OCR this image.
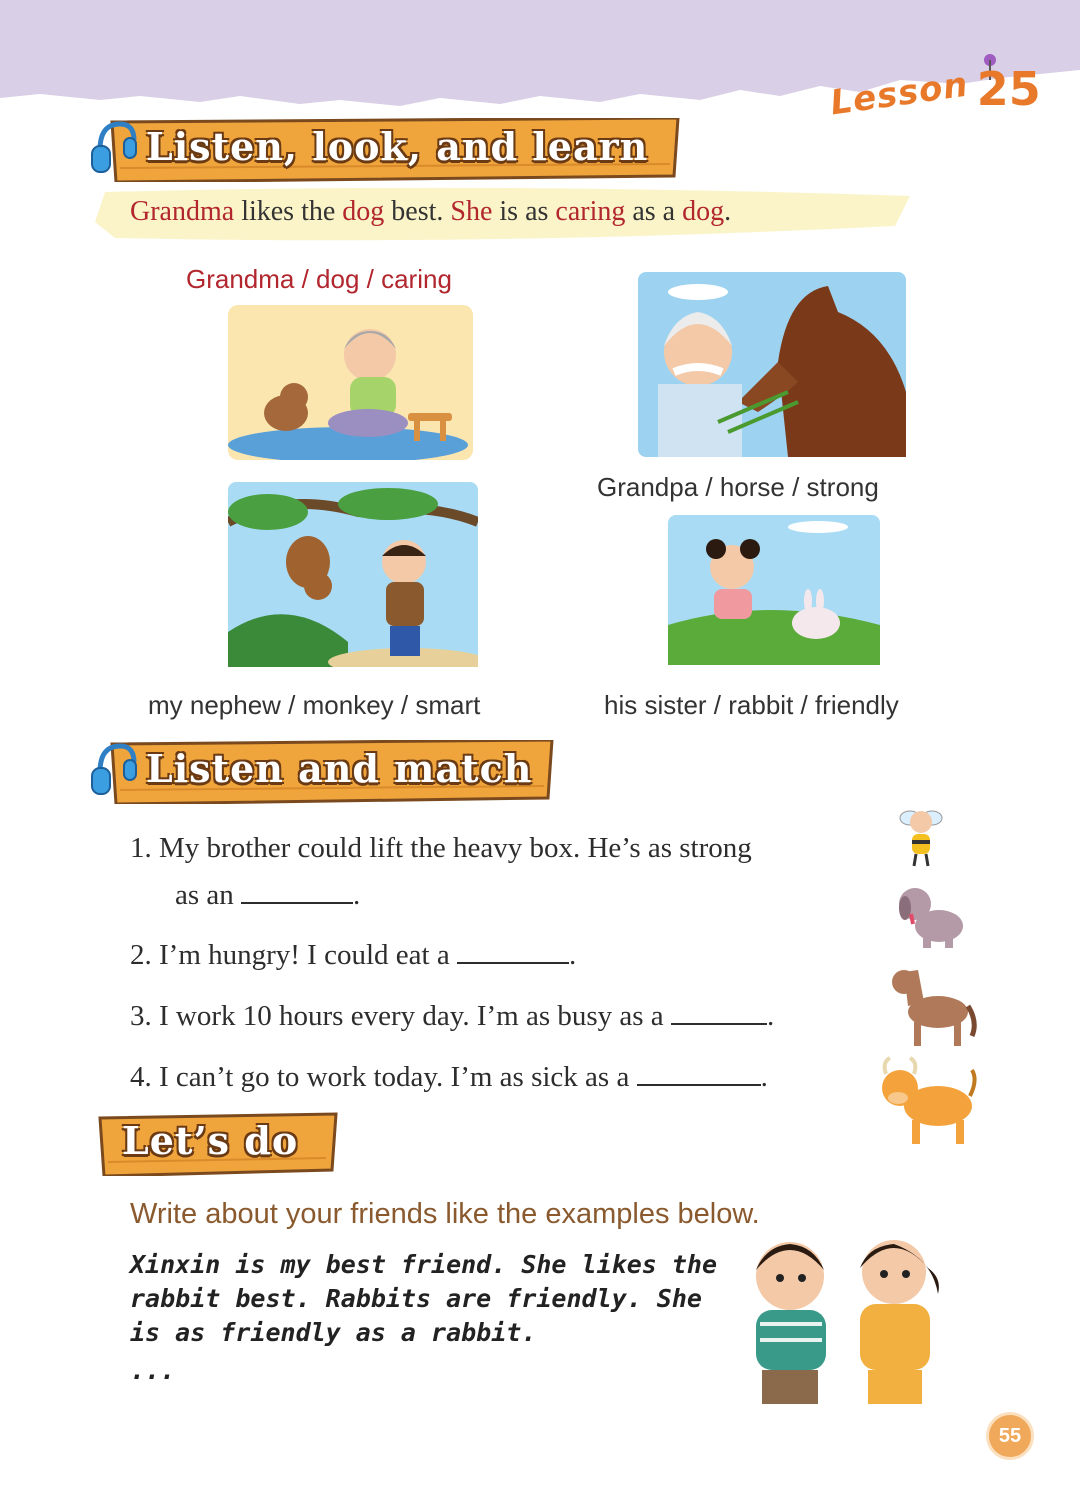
Lesson 25
Listen, look, and learn
Grandma likes the dog best. She is as caring as a dog.
Grandma / dog / caring
Grandpa / horse / strong
my nephew / monkey / smart	his sister / rabbit / friendly
Listen and match
1. My brother could lift the heavy box. He’s as strong
as an	.
2. I’m hungry! I could eat a	.
3. I work 10 hours every day. I’m as busy as a	.
4. I can’t go to work today. I’m as sick as a	.
Let’s do
Write about your friends like the examples below.
Xinxin is my best friend. She likes the
rabbit best. Rabbits are friendly. She
is as friendly as a rabbit.
...
55
